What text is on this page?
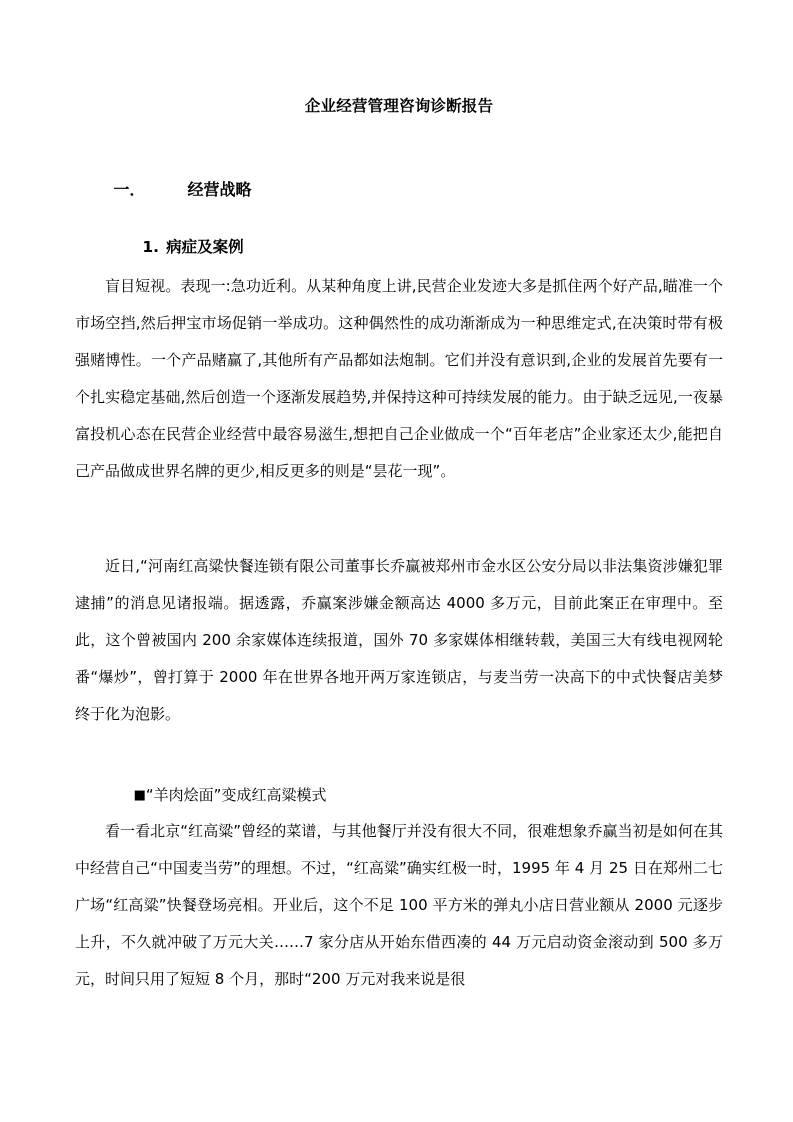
企业经营管理咨询诊断报告

一．	经营战略

1. 病症及案例

盲目短视。表现一:急功近利。从某种角度上讲,民营企业发迹大多是抓住两个好产品,瞄准一个市场空挡,然后押宝市场促销一举成功。这种偶然性的成功渐渐成为一种思维定式,在决策时带有极强赌博性。一个产品赌赢了,其他所有产品都如法炮制。它们并没有意识到,企业的发展首先要有一个扎实稳定基础,然后创造一个逐渐发展趋势,并保持这种可持续发展的能力。由于缺乏远见,一夜暴富投机心态在民营企业经营中最容易滋生,想把自己企业做成一个“百年老店”企业家还太少,能把自己产品做成世界名牌的更少,相反更多的则是“昙花一现”。

近日,“河南红高粱快餐连锁有限公司董事长乔赢被郑州市金水区公安分局以非法集资涉嫌犯罪逮捕”的消息见诸报端。据透露，乔赢案涉嫌金额高达 4000 多万元，目前此案正在审理中。至此，这个曾被国内 200 余家媒体连续报道，国外 70 多家媒体相继转载，美国三大有线电视网轮番“爆炒”，曾打算于 2000 年在世界各地开两万家连锁店，与麦当劳一决高下的中式快餐店美梦终于化为泡影。

■“羊肉烩面”变成红高粱模式

看一看北京“红高粱”曾经的菜谱，与其他餐厅并没有很大不同，很难想象乔赢当初是如何在其中经营自己“中国麦当劳”的理想。不过，“红高粱”确实红极一时，1995 年 4 月 25 日在郑州二七广场“红高粱”快餐登场亮相。开业后，这个不足 100 平方米的弹丸小店日营业额从 2000 元逐步上升，不久就冲破了万元大关……7 家分店从开始东借西凑的 44 万元启动资金滚动到 500 多万元，时间只用了短短 8 个月，那时“200 万元对我来说是很
